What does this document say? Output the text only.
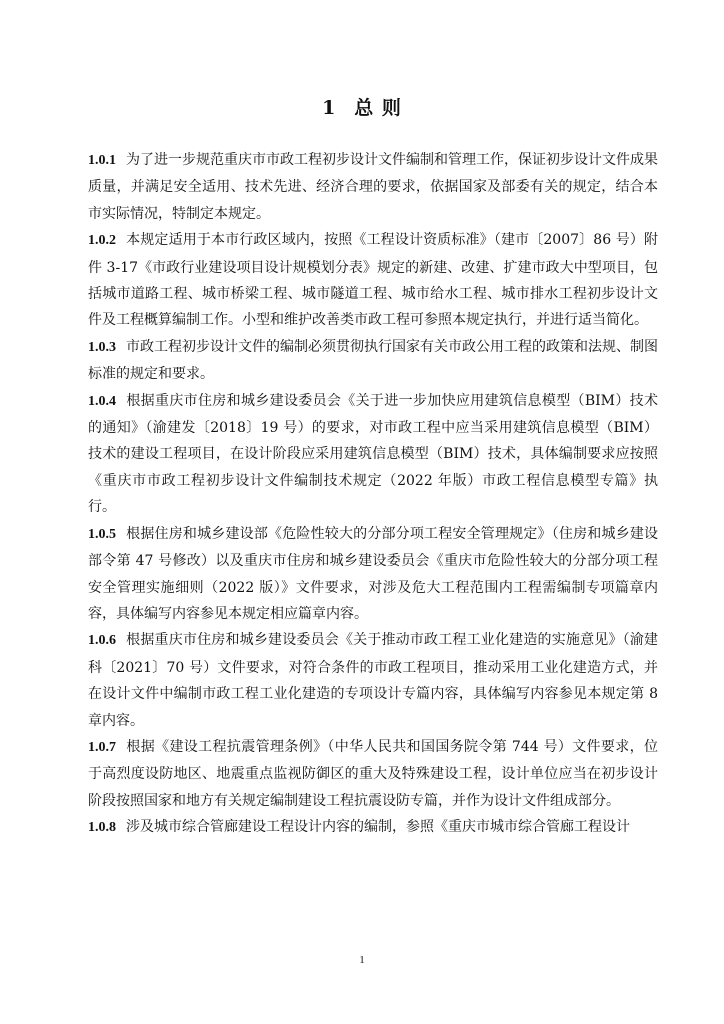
1 总 则

1.0.1 为了进一步规范重庆市市政工程初步设计文件编制和管理工作，保证初步设计文件成果质量，并满足安全适用、技术先进、经济合理的要求，依据国家及部委有关的规定，结合本市实际情况，特制定本规定。

1.0.2 本规定适用于本市行政区域内，按照《工程设计资质标准》（建市〔2007〕86 号）附件 3-17《市政行业建设项目设计规模划分表》规定的新建、改建、扩建市政大中型项目，包括城市道路工程、城市桥梁工程、城市隧道工程、城市给水工程、城市排水工程初步设计文件及工程概算编制工作。小型和维护改善类市政工程可参照本规定执行，并进行适当简化。

1.0.3 市政工程初步设计文件的编制必须贯彻执行国家有关市政公用工程的政策和法规、制图标准的规定和要求。

1.0.4 根据重庆市住房和城乡建设委员会《关于进一步加快应用建筑信息模型（BIM）技术的通知》（渝建发〔2018〕19 号）的要求，对市政工程中应当采用建筑信息模型（BIM）技术的建设工程项目，在设计阶段应采用建筑信息模型（BIM）技术，具体编制要求应按照《重庆市市政工程初步设计文件编制技术规定（2022 年版）市政工程信息模型专篇》执行。

1.0.5 根据住房和城乡建设部《危险性较大的分部分项工程安全管理规定》（住房和城乡建设部令第 47 号修改）以及重庆市住房和城乡建设委员会《重庆市危险性较大的分部分项工程安全管理实施细则（2022 版）》文件要求，对涉及危大工程范围内工程需编制专项篇章内容，具体编写内容参见本规定相应篇章内容。

1.0.6 根据重庆市住房和城乡建设委员会《关于推动市政工程工业化建造的实施意见》（渝建科〔2021〕70 号）文件要求，对符合条件的市政工程项目，推动采用工业化建造方式，并在设计文件中编制市政工程工业化建造的专项设计专篇内容，具体编写内容参见本规定第 8 章内容。

1.0.7 根据《建设工程抗震管理条例》（中华人民共和国国务院令第 744 号）文件要求，位于高烈度设防地区、地震重点监视防御区的重大及特殊建设工程，设计单位应当在初步设计阶段按照国家和地方有关规定编制建设工程抗震设防专篇，并作为设计文件组成部分。

1.0.8 涉及城市综合管廊建设工程设计内容的编制，参照《重庆市城市综合管廊工程设计

1
